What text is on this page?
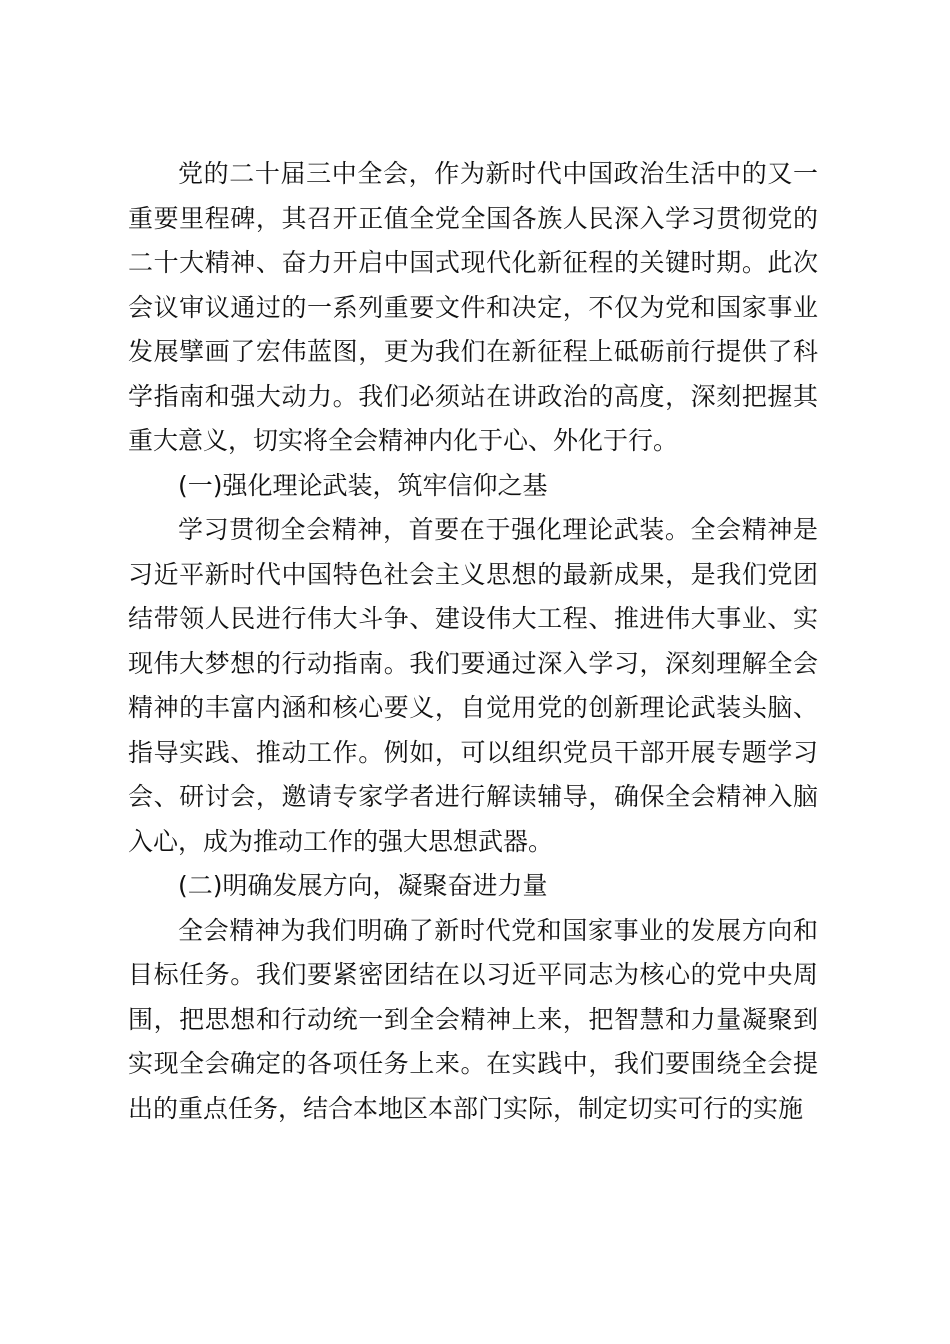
党的二十届三中全会，作为新时代中国政治生活中的又一重要里程碑，其召开正值全党全国各族人民深入学习贯彻党的二十大精神、奋力开启中国式现代化新征程的关键时期。此次会议审议通过的一系列重要文件和决定，不仅为党和国家事业发展擘画了宏伟蓝图，更为我们在新征程上砥砺前行提供了科学指南和强大动力。我们必须站在讲政治的高度，深刻把握其重大意义，切实将全会精神内化于心、外化于行。

(一)强化理论武装，筑牢信仰之基

学习贯彻全会精神，首要在于强化理论武装。全会精神是习近平新时代中国特色社会主义思想的最新成果，是我们党团结带领人民进行伟大斗争、建设伟大工程、推进伟大事业、实现伟大梦想的行动指南。我们要通过深入学习，深刻理解全会精神的丰富内涵和核心要义，自觉用党的创新理论武装头脑、指导实践、推动工作。例如，可以组织党员干部开展专题学习会、研讨会，邀请专家学者进行解读辅导，确保全会精神入脑入心，成为推动工作的强大思想武器。

(二)明确发展方向，凝聚奋进力量

全会精神为我们明确了新时代党和国家事业的发展方向和目标任务。我们要紧密团结在以习近平同志为核心的党中央周围，把思想和行动统一到全会精神上来，把智慧和力量凝聚到实现全会确定的各项任务上来。在实践中，我们要围绕全会提出的重点任务，结合本地区本部门实际，制定切实可行的实施
